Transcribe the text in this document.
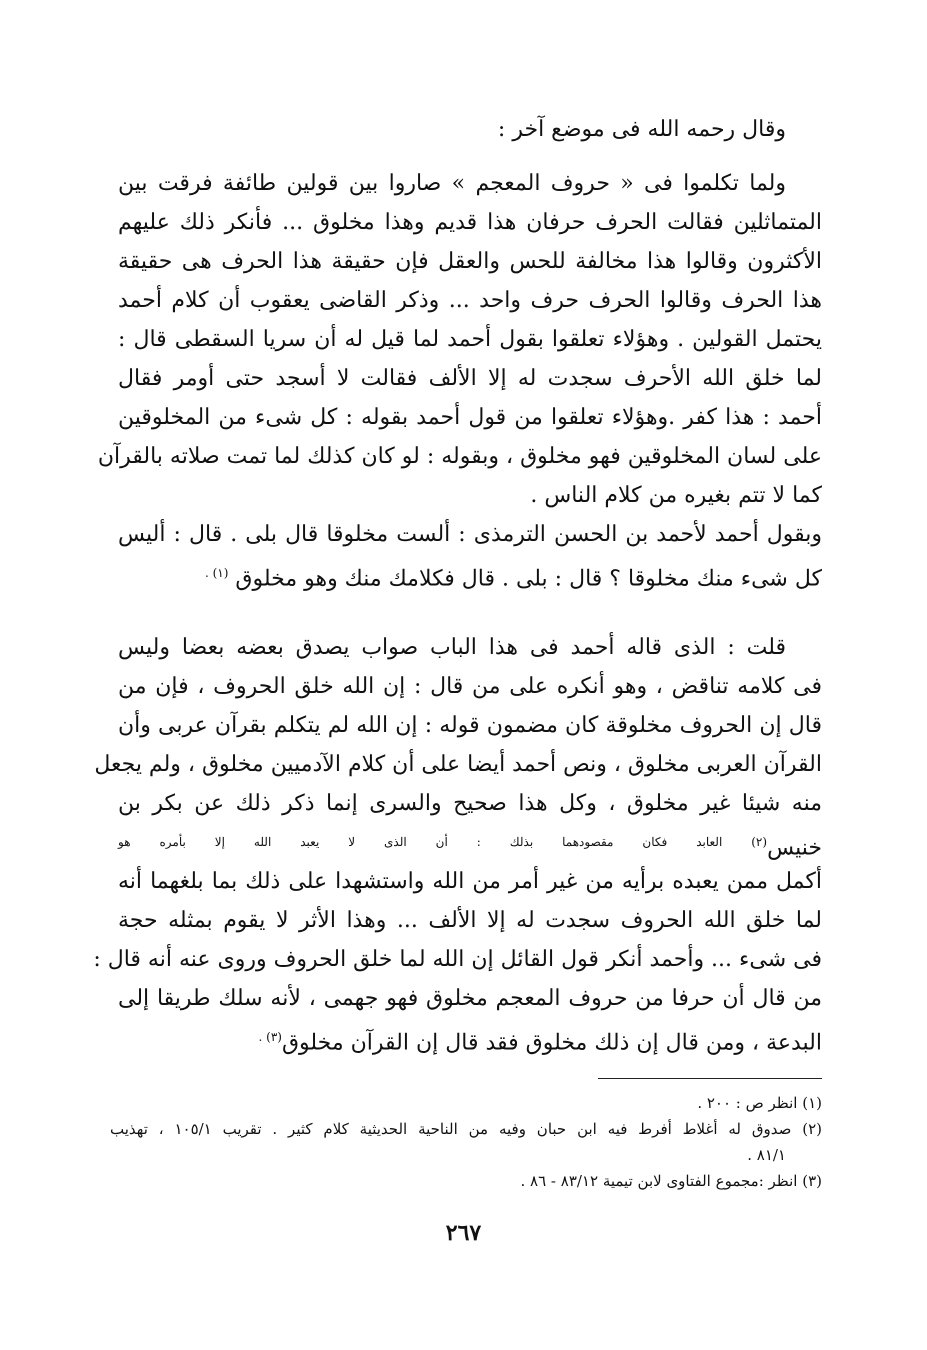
وقال رحمه الله فى موضع آخر :
ولما تكلموا فى « حروف المعجم » صاروا بين قولين طائفة فرقت بين
المتماثلين فقالت الحرف حرفان هذا قديم وهذا مخلوق ... فأنكر ذلك عليهم
الأكثرون وقالوا هذا مخالفة للحس والعقل فإن حقيقة هذا الحرف هى حقيقة
هذا الحرف وقالوا الحرف حرف واحد ... وذكر القاضى يعقوب أن كلام أحمد
يحتمل القولين . وهؤلاء تعلقوا بقول أحمد لما قيل له أن سريا السقطى قال :
لما خلق الله الأحرف سجدت له إلا الألف فقالت لا أسجد حتى أومر فقال
أحمد : هذا كفر .وهؤلاء تعلقوا من قول أحمد بقوله : كل شىء من المخلوقين
على لسان المخلوقين فهو مخلوق ، وبقوله : لو كان كذلك لما تمت صلاته بالقرآن
كما لا تتم بغيره من كلام الناس .
وبقول أحمد لأحمد بن الحسن الترمذى : ألست مخلوقا قال بلى . قال : أليس
كل شىء منك مخلوقا ؟ قال : بلى . قال فكلامك منك وهو مخلوق $^{(١) .}$
قلت : الذى قاله أحمد فى هذا الباب صواب يصدق بعضه بعضا وليس
فى كلامه تناقض ، وهو أنكره على من قال : إن الله خلق الحروف ، فإن من
قال إن الحروف مخلوقة كان مضمون قوله : إن الله لم يتكلم بقرآن عربى وأن
القرآن العربى مخلوق ، ونص أحمد أيضا على أن كلام الآدميين مخلوق ، ولم يجعل
منه شيئا غير مخلوق ، وكل هذا صحيح والسرى إنما ذكر ذلك عن بكر بن
خنيس$^{(٢) العابد فكان مقصودهما بذلك : أن الذى لا يعبد الله إلا بأمره هو}$
أكمل ممن يعبده برأيه من غير أمر من الله واستشهدا على ذلك بما بلغهما أنه
لما خلق الله الحروف سجدت له إلا الألف ... وهذا الأثر لا يقوم بمثله حجة
فى شىء ... وأحمد أنكر قول القائل إن الله لما خلق الحروف وروى عنه أنه قال :
من قال أن حرفا من حروف المعجم مخلوق فهو جهمى ، لأنه سلك طريقا إلى
البدعة ، ومن قال إن ذلك مخلوق فقد قال إن القرآن مخلوق$^{(٣) .}$
(١) انظر ص : ٢٠٠ .
(٢) صدوق له أغلاط أفرط فيه ابن حبان وفيه من الناحية الحديثية كلام كثير . تقريب ١٠٥/١ ، تهذيب
٨١/١ .
(٣) انظر :مجموع الفتاوى لابن تيمية ٨٣/١٢ - ٨٦ .
٢٦٧
